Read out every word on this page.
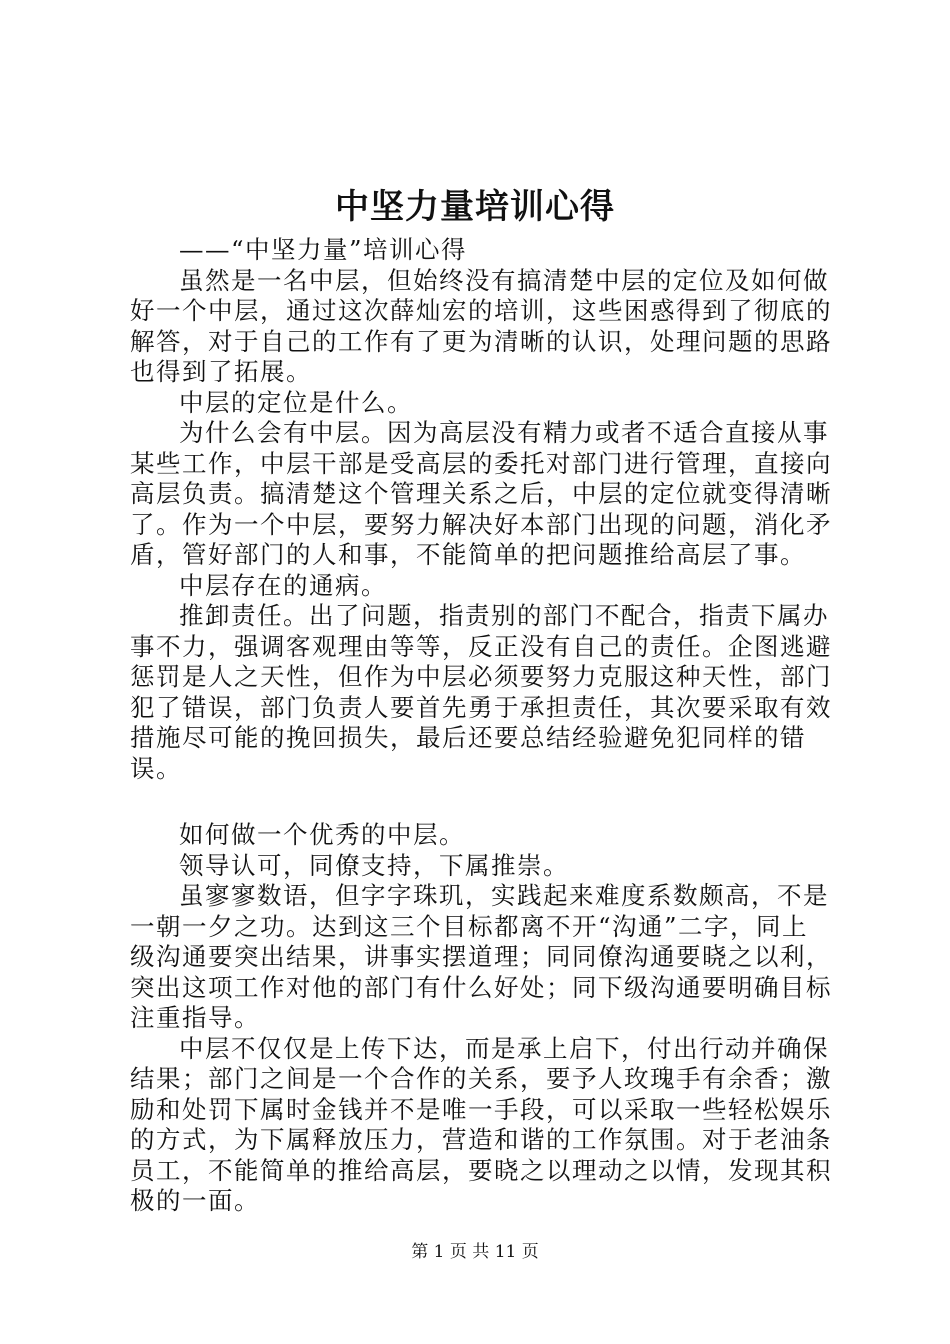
中坚力量培训心得

——“中坚力量”培训心得

虽然是一名中层，但始终没有搞清楚中层的定位及如何做好一个中层，通过这次薛灿宏的培训，这些困惑得到了彻底的解答，对于自己的工作有了更为清晰的认识，处理问题的思路也得到了拓展。

中层的定位是什么。

为什么会有中层。因为高层没有精力或者不适合直接从事某些工作，中层干部是受高层的委托对部门进行管理，直接向高层负责。搞清楚这个管理关系之后，中层的定位就变得清晰了。作为一个中层，要努力解决好本部门出现的问题，消化矛盾，管好部门的人和事，不能简单的把问题推给高层了事。

中层存在的通病。

推卸责任。出了问题，指责别的部门不配合，指责下属办事不力，强调客观理由等等，反正没有自己的责任。企图逃避惩罚是人之天性，但作为中层必须要努力克服这种天性，部门犯了错误，部门负责人要首先勇于承担责任，其次要采取有效措施尽可能的挽回损失，最后还要总结经验避免犯同样的错误。

如何做一个优秀的中层。

领导认可，同僚支持，下属推崇。

虽寥寥数语，但字字珠玑，实践起来难度系数颇高，不是一朝一夕之功。达到这三个目标都离不开“沟通”二字，同上级沟通要突出结果，讲事实摆道理；同同僚沟通要晓之以利，突出这项工作对他的部门有什么好处；同下级沟通要明确目标注重指导。

中层不仅仅是上传下达，而是承上启下，付出行动并确保结果；部门之间是一个合作的关系，要予人玫瑰手有余香；激励和处罚下属时金钱并不是唯一手段，可以采取一些轻松娱乐的方式，为下属释放压力，营造和谐的工作氛围。对于老油条员工，不能简单的推给高层，要晓之以理动之以情，发现其积极的一面。

第 1 页 共 11 页
